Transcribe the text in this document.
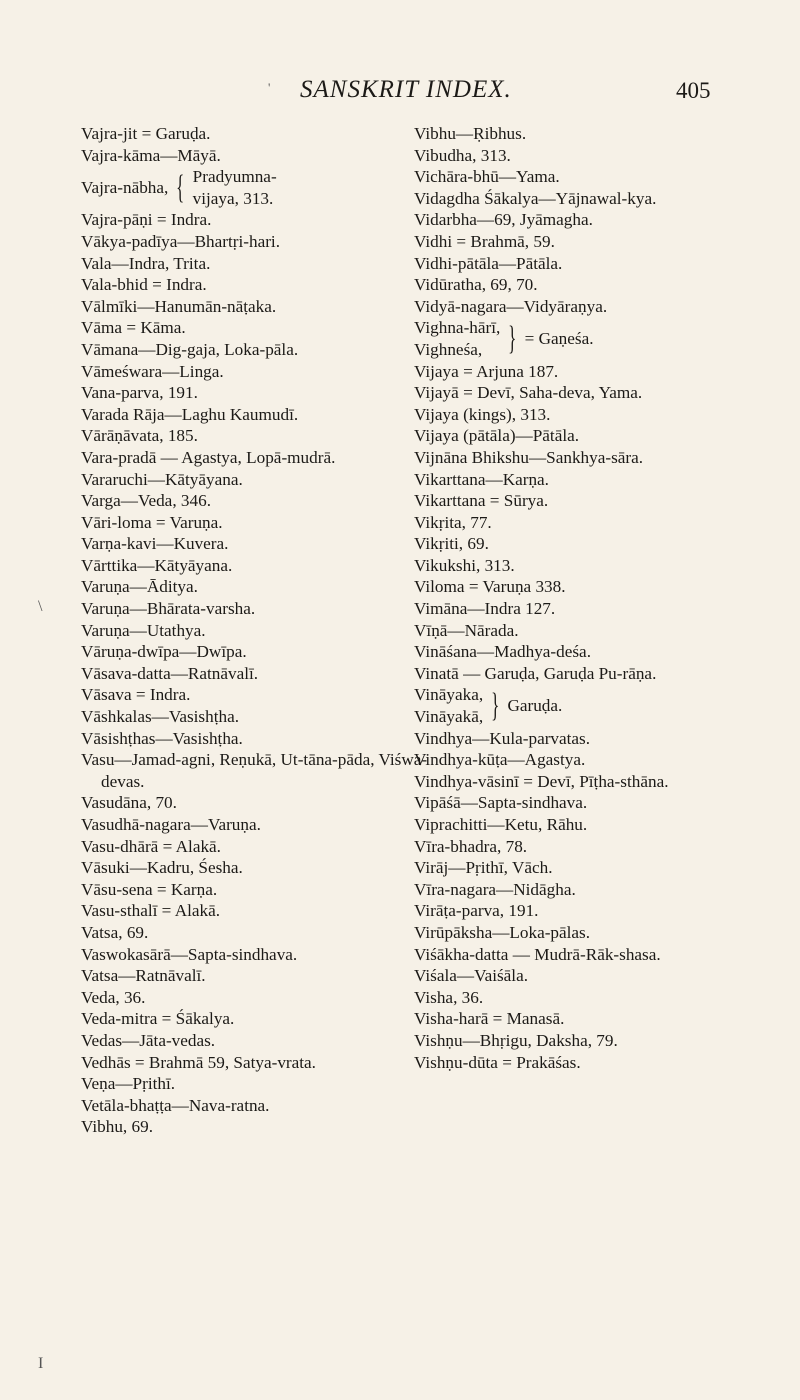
' SANSKRIT INDEX.	405
\
I
Vajra-jit = Garuḍa.
Vajra-kāma—Māyā.
Vajra-nābha, { Pradyumna-
vijaya, 313.
Vajra-pāṇi = Indra.
Vākya-padīya—Bhartṛi-hari.
Vala—Indra, Trita.
Vala-bhid = Indra.
Vālmīki—Hanumān-nāṭaka.
Vāma = Kāma.
Vāmana—Dig-gaja, Loka-pāla.
Vāmeśwara—Linga.
Vana-parva, 191.
Varada Rāja—Laghu Kaumudī.
Vārāṇāvata, 185.
Vara-pradā — Agastya, Lopā-mudrā.
Vararuchi—Kātyāyana.
Varga—Veda, 346.
Vāri-loma = Varuṇa.
Varṇa-kavi—Kuvera.
Vārttika—Kātyāyana.
Varuṇa—Āditya.
Varuṇa—Bhārata-varsha.
Varuṇa—Utathya.
Vāruṇa-dwīpa—Dwīpa.
Vāsava-datta—Ratnāvalī.
Vāsava = Indra.
Vāshkalas—Vasishṭha.
Vāsishṭhas—Vasishṭha.
Vasu—Jamad-agni, Reṇukā, Ut-tāna-pāda, Viśwa-devas.
Vasudāna, 70.
Vasudhā-nagara—Varuṇa.
Vasu-dhārā = Alakā.
Vāsuki—Kadru, Śesha.
Vāsu-sena = Karṇa.
Vasu-sthalī = Alakā.
Vatsa, 69.
Vaswokasārā—Sapta-sindhava.
Vatsa—Ratnāvalī.
Veda, 36.
Veda-mitra = Śākalya.
Vedas—Jāta-vedas.
Vedhās = Brahmā 59, Satya-vrata.
Veṇa—Pṛithī.
Vetāla-bhaṭṭa—Nava-ratna.
Vibhu, 69.
Vibhu—Ṛibhus.
Vibudha, 313.
Vichāra-bhū—Yama.
Vidagdha Śākalya—Yājnawal-kya.
Vidarbha—69, Jyāmagha.
Vidhi = Brahmā, 59.
Vidhi-pātāla—Pātāla.
Vidūratha, 69, 70.
Vidyā-nagara—Vidyāraṇya.
Vighna-hārī,
Vighneśa, } = Gaṇeśa.
Vijaya = Arjuna 187.
Vijayā = Devī, Saha-deva, Yama.
Vijaya (kings), 313.
Vijaya (pātāla)—Pātāla.
Vijnāna Bhikshu—Sankhya-sāra.
Vikarttana—Karṇa.
Vikarttana = Sūrya.
Vikṛita, 77.
Vikṛiti, 69.
Vikukshi, 313.
Viloma = Varuṇa 338.
Vimāna—Indra 127.
Vīṇā—Nārada.
Vināśana—Madhya-deśa.
Vinatā — Garuḍa, Garuḍa Pu-rāṇa.
Vināyaka,
Vināyakā, } Garuḍa.
Vindhya—Kula-parvatas.
Vindhya-kūṭa—Agastya.
Vindhya-vāsinī = Devī, Pīṭha-sthāna.
Vipāśā—Sapta-sindhava.
Viprachitti—Ketu, Rāhu.
Vīra-bhadra, 78.
Virāj—Pṛithī, Vāch.
Vīra-nagara—Nidāgha.
Virāṭa-parva, 191.
Virūpāksha—Loka-pālas.
Viśākha-datta — Mudrā-Rāk-shasa.
Viśala—Vaiśāla.
Visha, 36.
Visha-harā = Manasā.
Vishṇu—Bhṛigu, Daksha, 79.
Vishṇu-dūta = Prakāśas.
